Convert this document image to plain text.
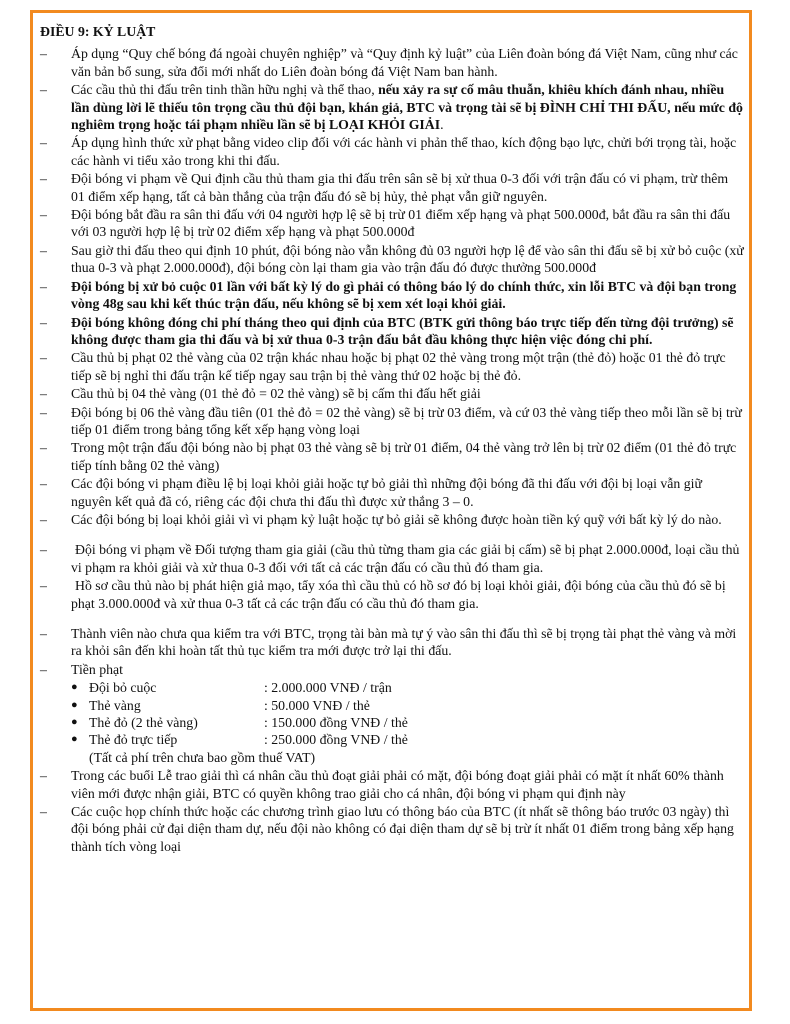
ĐIỀU 9: KỶ LUẬT
– Áp dụng “Quy chế bóng đá ngoài chuyên nghiệp” và “Quy định kỷ luật” của Liên đoàn bóng đá Việt Nam, cũng như các văn bản bổ sung, sửa đổi mới nhất do Liên đoàn bóng đá Việt Nam ban hành.
– Các cầu thủ thi đấu trên tinh thần hữu nghị và thể thao, nếu xảy ra sự cố mâu thuẫn, khiêu khích đánh nhau, nhiều lần dùng lời lẽ thiếu tôn trọng cầu thủ đội bạn, khán giả, BTC và trọng tài sẽ bị ĐÌNH CHỈ THI ĐẤU, nếu mức độ nghiêm trọng hoặc tái phạm nhiều lần sẽ bị LOẠI KHỎI GIẢI.
– Áp dụng hình thức xử phạt bằng video clip đối với các hành vi phản thể thao, kích động bạo lực, chửi bới trọng tài, hoặc các hành vi tiểu xảo trong khi thi đấu.
– Đội bóng vi phạm về Qui định cầu thủ tham gia thi đấu trên sân sẽ bị xử thua 0-3 đối với trận đấu có vi phạm, trừ thêm 01 điểm xếp hạng, tất cả bàn thắng của trận đấu đó sẽ bị hủy, thẻ phạt vẫn giữ nguyên.
– Đội bóng bắt đầu ra sân thi đấu với 04 người hợp lệ sẽ bị trừ 01 điểm xếp hạng và phạt 500.000đ, bắt đầu ra sân thi đấu với 03 người hợp lệ bị trừ 02 điểm xếp hạng và phạt 500.000đ
– Sau giờ thi đấu theo qui định 10 phút, đội bóng nào vẫn không đủ 03 người hợp lệ để vào sân thi đấu sẽ bị xử bỏ cuộc (xử thua 0-3 và phạt 2.000.000đ), đội bóng còn lại tham gia vào trận đấu đó được thưởng 500.000đ
– Đội bóng bị xử bỏ cuộc 01 lần với bất kỳ lý do gì phải có thông báo lý do chính thức, xin lỗi BTC và đội bạn trong vòng 48g sau khi kết thúc trận đấu, nếu không sẽ bị xem xét loại khỏi giải.
– Đội bóng không đóng chi phí tháng theo qui định của BTC (BTK gửi thông báo trực tiếp đến từng đội trưởng) sẽ không được tham gia thi đấu và bị xử thua 0-3 trận đấu bắt đầu không thực hiện việc đóng chi phí.
– Cầu thủ bị phạt 02 thẻ vàng của 02 trận khác nhau hoặc bị phạt 02 thẻ vàng trong một trận (thẻ đỏ) hoặc 01 thẻ đỏ trực tiếp sẽ bị nghỉ thi đấu trận kế tiếp ngay sau trận bị thẻ vàng thứ 02 hoặc bị thẻ đỏ.
– Cầu thủ bị 04 thẻ vàng (01 thẻ đỏ = 02 thẻ vàng) sẽ bị cấm thi đấu hết giải
– Đội bóng bị 06 thẻ vàng đầu tiên (01 thẻ đỏ = 02 thẻ vàng) sẽ bị trừ 03 điểm, và cứ 03 thẻ vàng tiếp theo mỗi lần sẽ bị trừ tiếp 01 điểm trong bảng tổng kết xếp hạng vòng loại
– Trong một trận đấu đội bóng nào bị phạt 03 thẻ vàng sẽ bị trừ 01 điểm, 04 thẻ vàng trở lên bị trừ 02 điểm (01 thẻ đỏ trực tiếp tính bằng 02 thẻ vàng)
– Các đội bóng vi phạm điều lệ bị loại khỏi giải hoặc tự bỏ giải thì những đội bóng đã thi đấu với đội bị loại vẫn giữ nguyên kết quả đã có, riêng các đội chưa thi đấu thì được xử thắng 3 – 0.
– Các đội bóng bị loại khỏi giải vì vi phạm kỷ luật hoặc tự bỏ giải sẽ không được hoàn tiền ký quỹ với bất kỳ lý do nào.
– Đội bóng vi phạm về Đối tượng tham gia giải (cầu thủ từng tham gia các giải bị cấm) sẽ bị phạt 2.000.000đ, loại cầu thủ vi phạm ra khỏi giải và xử thua 0-3 đối với tất cả các trận đấu có cầu thủ đó tham gia.
– Hồ sơ cầu thủ nào bị phát hiện giả mạo, tẩy xóa thì cầu thủ có hồ sơ đó bị loại khỏi giải, đội bóng của cầu thủ đó sẽ bị phạt 3.000.000đ và xử thua 0-3 tất cả các trận đấu có cầu thủ đó tham gia.
– Thành viên nào chưa qua kiểm tra với BTC, trọng tài bàn mà tự ý vào sân thi đấu thì sẽ bị trọng tài phạt thẻ vàng và mời ra khỏi sân đến khi hoàn tất thủ tục kiểm tra mới được trở lại thi đấu.
– Tiền phạt
● Đội bỏ cuộc	: 2.000.000 VNĐ / trận
● Thẻ vàng	: 50.000 VNĐ / thẻ
● Thẻ đỏ (2 thẻ vàng)	: 150.000 đồng VNĐ / thẻ
● Thẻ đỏ trực tiếp	: 250.000 đồng VNĐ / thẻ
(Tất cả phí trên chưa bao gồm thuế VAT)
– Trong các buổi Lễ trao giải thì cá nhân cầu thủ đoạt giải phải có mặt, đội bóng đoạt giải phải có mặt ít nhất 60% thành viên mới được nhận giải, BTC có quyền không trao giải cho cá nhân, đội bóng vi phạm qui định này
– Các cuộc họp chính thức hoặc các chương trình giao lưu có thông báo của BTC (ít nhất sẽ thông báo trước 03 ngày) thì đội bóng phải cử đại diện tham dự, nếu đội nào không có đại diện tham dự sẽ bị trừ ít nhất 01 điểm trong bảng xếp hạng thành tích vòng loại
